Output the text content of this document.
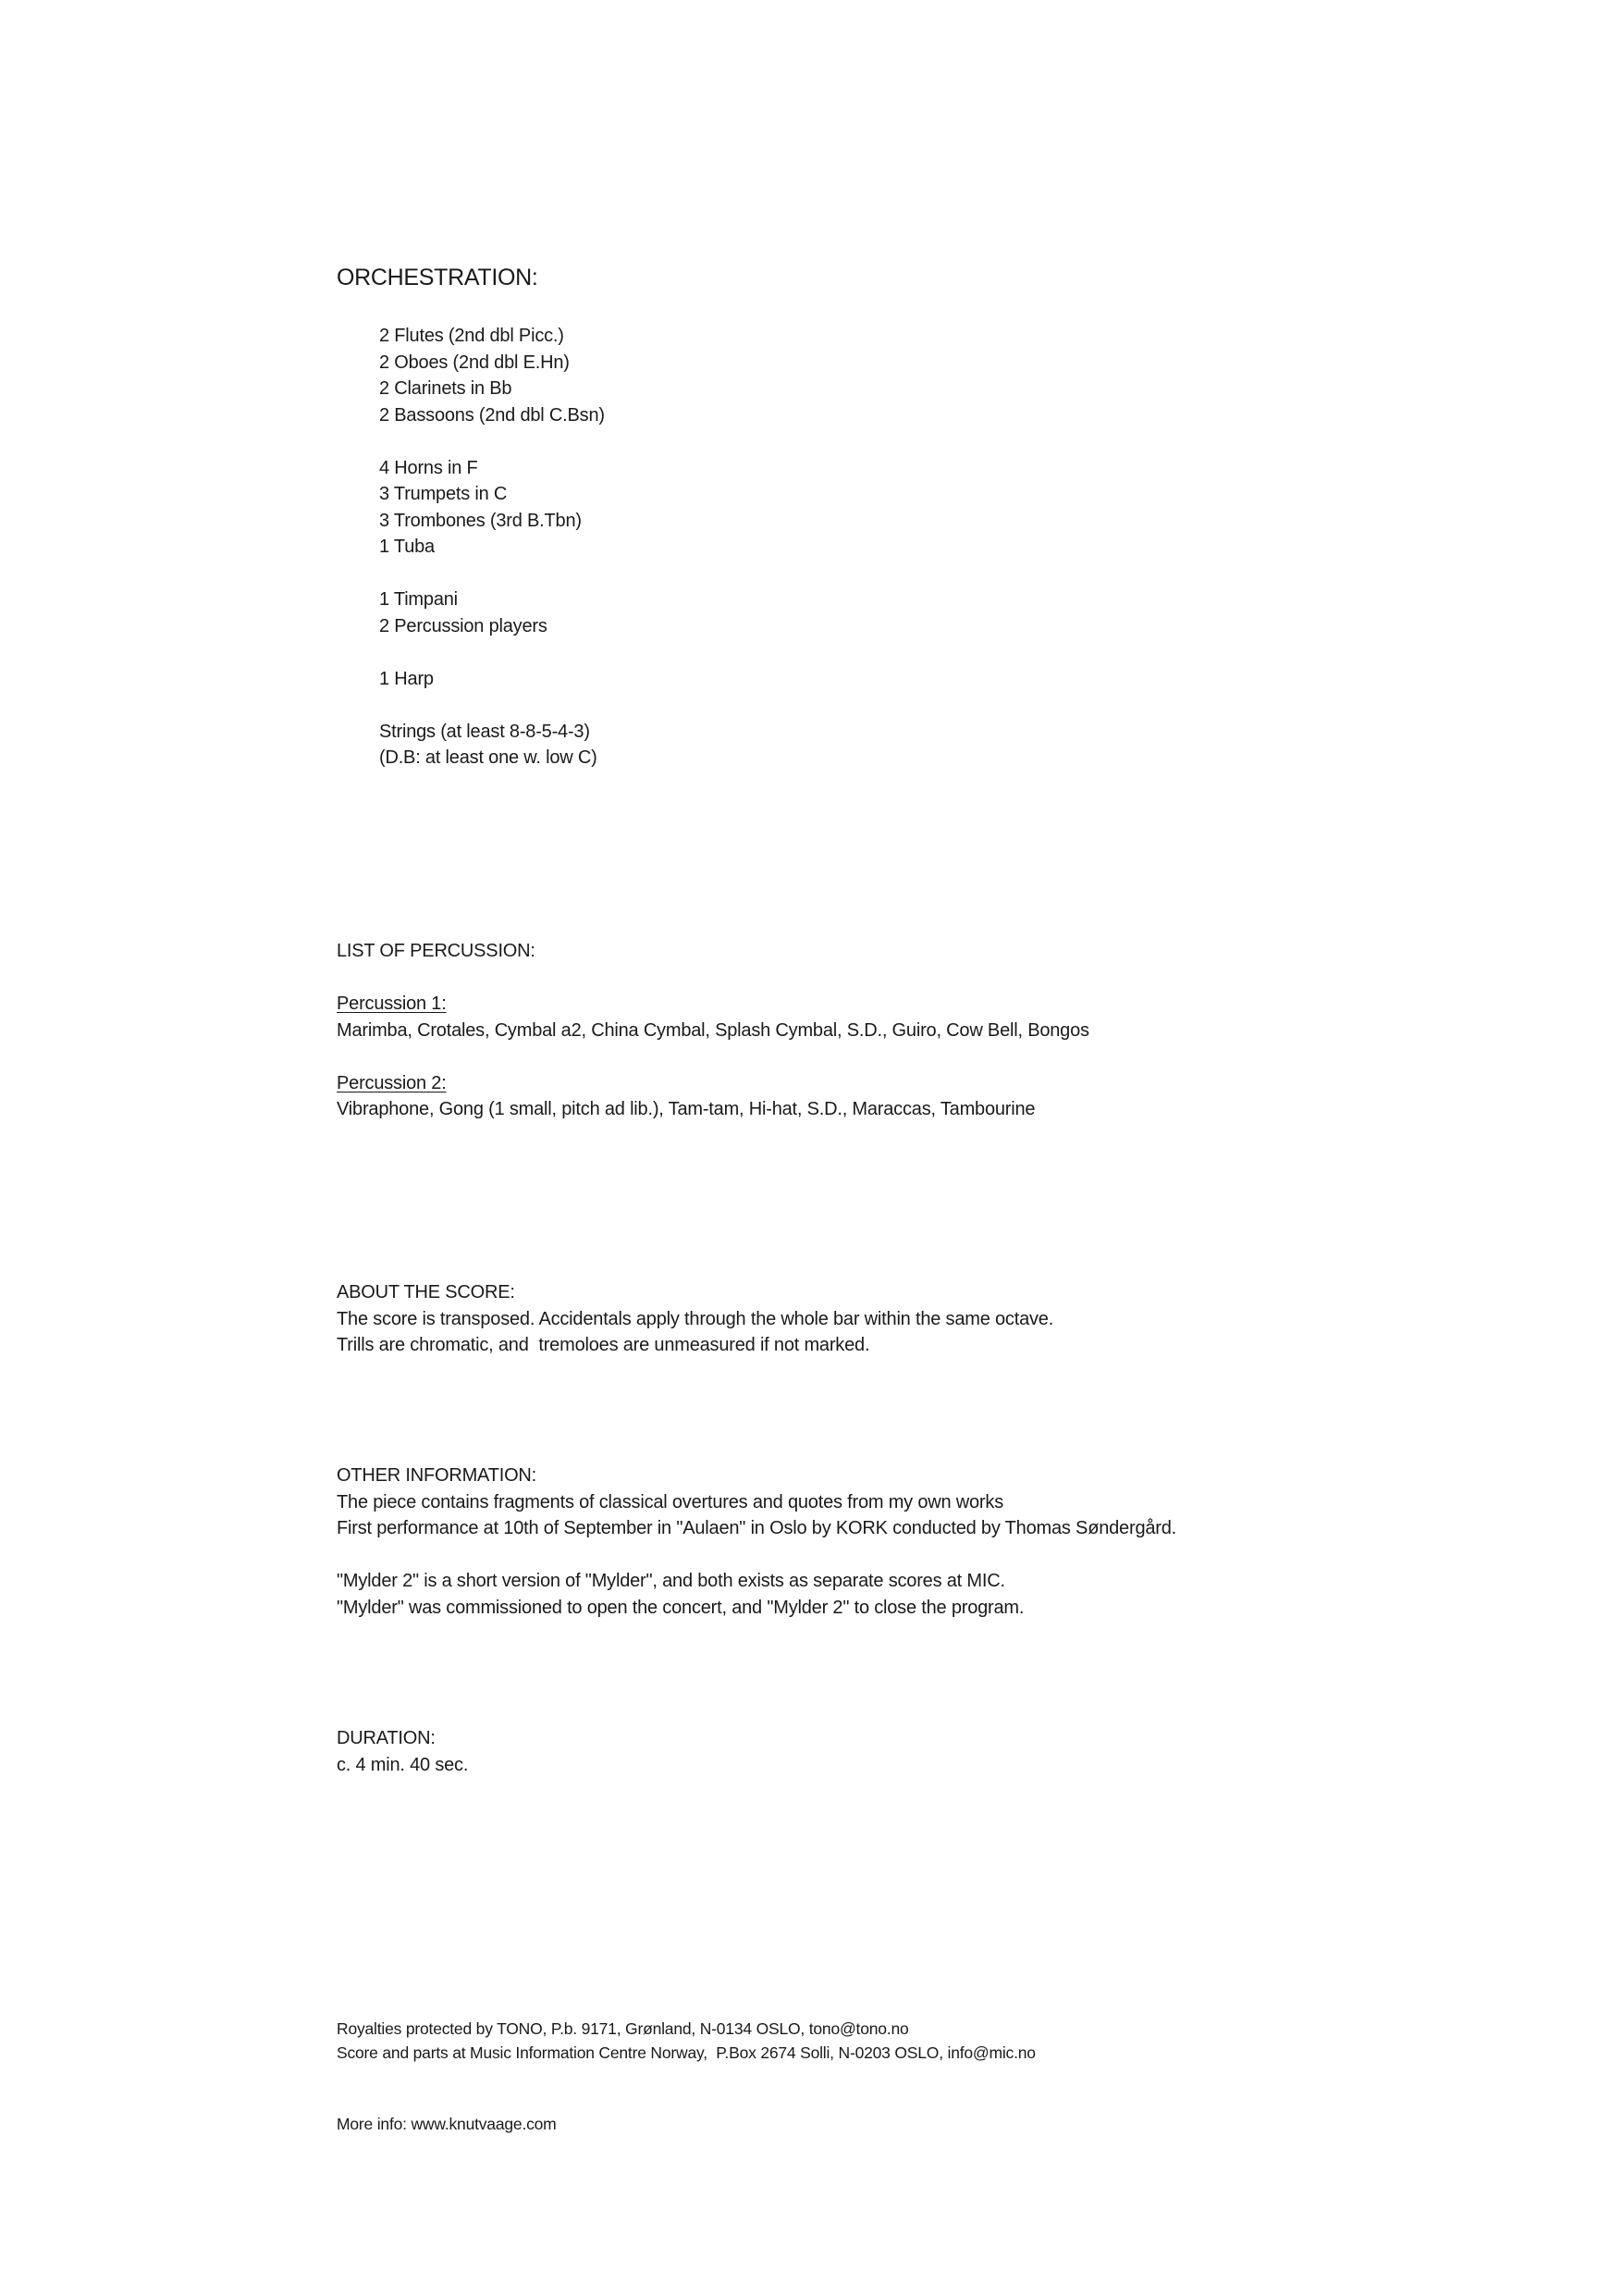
ORCHESTRATION:
2 Flutes (2nd dbl Picc.)
2 Oboes (2nd dbl E.Hn)
2 Clarinets in Bb
2 Bassoons (2nd dbl C.Bsn)
4 Horns in F
3 Trumpets in C
3 Trombones (3rd B.Tbn)
1 Tuba
1 Timpani
2 Percussion players
1 Harp
Strings (at least 8-8-5-4-3)
(D.B: at least one w. low C)
LIST OF PERCUSSION:
Percussion 1:
Marimba, Crotales, Cymbal a2, China Cymbal, Splash Cymbal, S.D., Guiro, Cow Bell, Bongos
Percussion 2:
Vibraphone, Gong (1 small, pitch ad lib.), Tam-tam, Hi-hat, S.D., Maraccas, Tambourine
ABOUT THE SCORE:
The score is transposed. Accidentals apply through the whole bar within the same octave.
Trills are chromatic, and  tremoloes are unmeasured if not marked.
OTHER INFORMATION:
The piece contains fragments of classical overtures and quotes from my own works
First performance at 10th of September in "Aulaen" in Oslo by KORK conducted by Thomas Søndergård.
"Mylder 2" is a short version of "Mylder", and both exists as separate scores at MIC.
"Mylder" was commissioned to open the concert, and "Mylder 2" to close the program.
DURATION:
c. 4 min. 40 sec.
Royalties protected by TONO, P.b. 9171, Grønland, N-0134 OSLO, tono@tono.no
Score and parts at Music Information Centre Norway,  P.Box 2674 Solli, N-0203 OSLO, info@mic.no
More info: www.knutvaage.com
